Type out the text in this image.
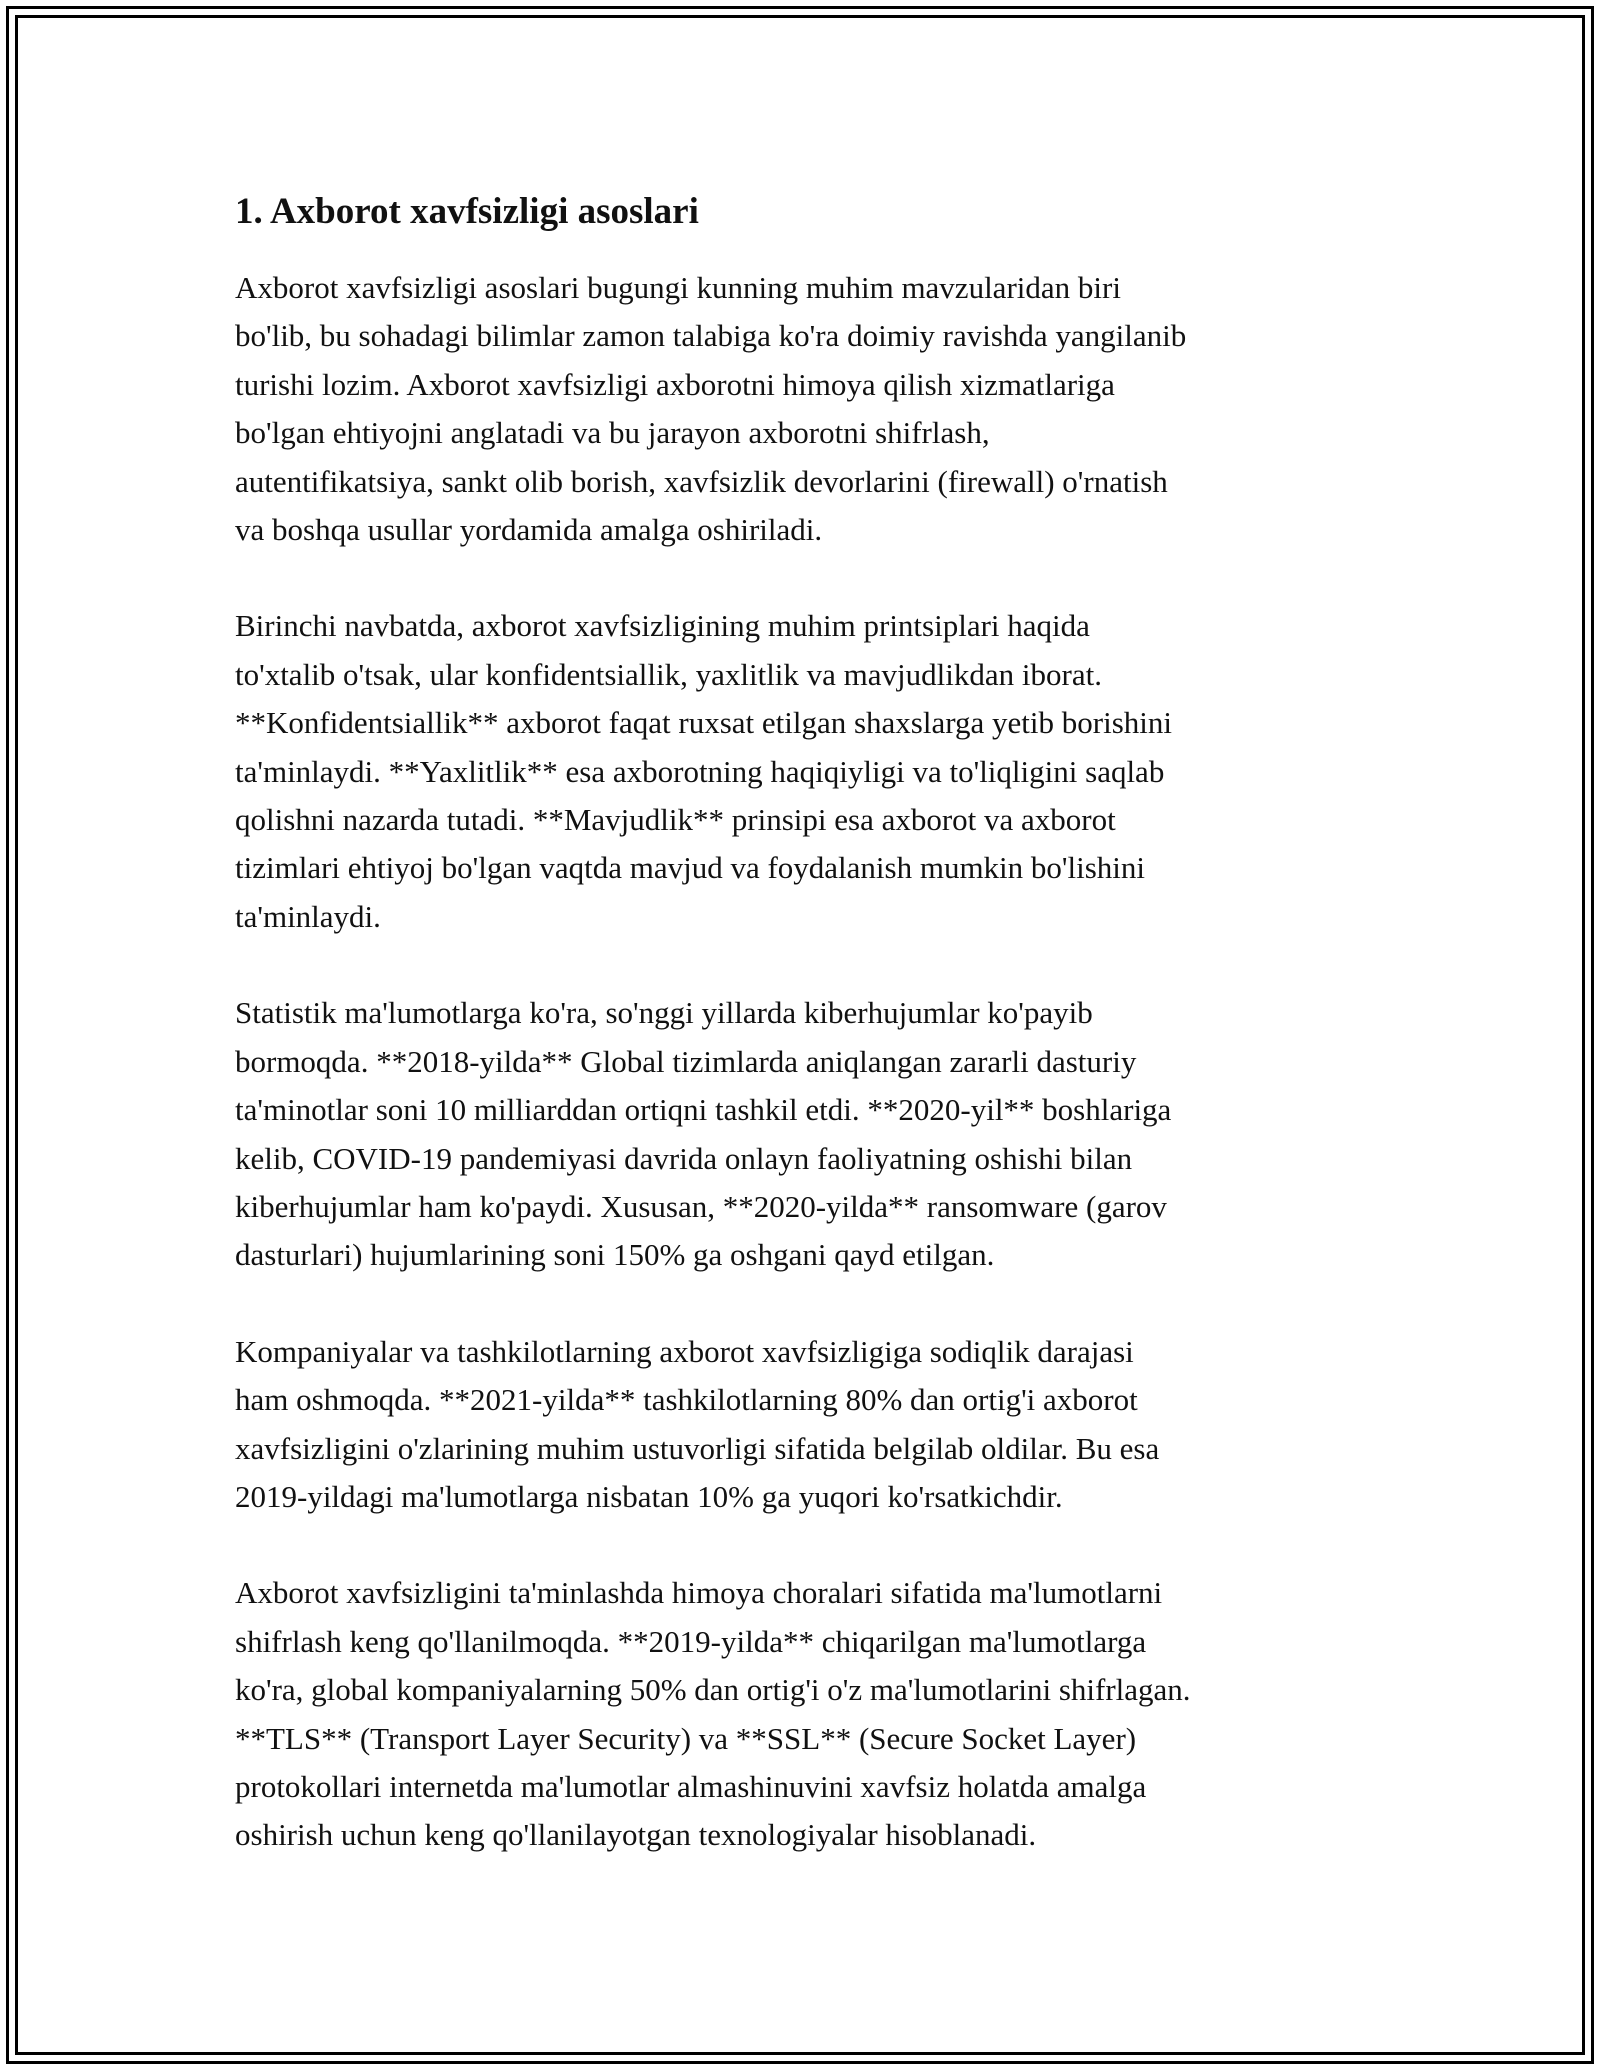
1. Axborot xavfsizligi asoslari

Axborot xavfsizligi asoslari bugungi kunning muhim mavzularidan biri
bo'lib, bu sohadagi bilimlar zamon talabiga ko'ra doimiy ravishda yangilanib
turishi lozim. Axborot xavfsizligi axborotni himoya qilish xizmatlariga
bo'lgan ehtiyojni anglatadi va bu jarayon axborotni shifrlash,
autentifikatsiya, sankt olib borish, xavfsizlik devorlarini (firewall) o'rnatish
va boshqa usullar yordamida amalga oshiriladi.

Birinchi navbatda, axborot xavfsizligining muhim printsiplari haqida
to'xtalib o'tsak, ular konfidentsiallik, yaxlitlik va mavjudlikdan iborat.
**Konfidentsiallik** axborot faqat ruxsat etilgan shaxslarga yetib borishini
ta'minlaydi. **Yaxlitlik** esa axborotning haqiqiyligi va to'liqligini saqlab
qolishni nazarda tutadi. **Mavjudlik** prinsipi esa axborot va axborot
tizimlari ehtiyoj bo'lgan vaqtda mavjud va foydalanish mumkin bo'lishini
ta'minlaydi.

Statistik ma'lumotlarga ko'ra, so'nggi yillarda kiberhujumlar ko'payib
bormoqda. **2018-yilda** Global tizimlarda aniqlangan zararli dasturiy
ta'minotlar soni 10 milliarddan ortiqni tashkil etdi. **2020-yil** boshlariga
kelib, COVID-19 pandemiyasi davrida onlayn faoliyatning oshishi bilan
kiberhujumlar ham ko'paydi. Xususan, **2020-yilda** ransomware (garov
dasturlari) hujumlarining soni 150% ga oshgani qayd etilgan.

Kompaniyalar va tashkilotlarning axborot xavfsizligiga sodiqlik darajasi
ham oshmoqda. **2021-yilda** tashkilotlarning 80% dan ortig'i axborot
xavfsizligini o'zlarining muhim ustuvorligi sifatida belgilab oldilar. Bu esa
2019-yildagi ma'lumotlarga nisbatan 10% ga yuqori ko'rsatkichdir.

Axborot xavfsizligini ta'minlashda himoya choralari sifatida ma'lumotlarni
shifrlash keng qo'llanilmoqda. **2019-yilda** chiqarilgan ma'lumotlarga
ko'ra, global kompaniyalarning 50% dan ortig'i o'z ma'lumotlarini shifrlagan.
**TLS** (Transport Layer Security) va **SSL** (Secure Socket Layer)
protokollari internetda ma'lumotlar almashinuvini xavfsiz holatda amalga
oshirish uchun keng qo'llanilayotgan texnologiyalar hisoblanadi.
